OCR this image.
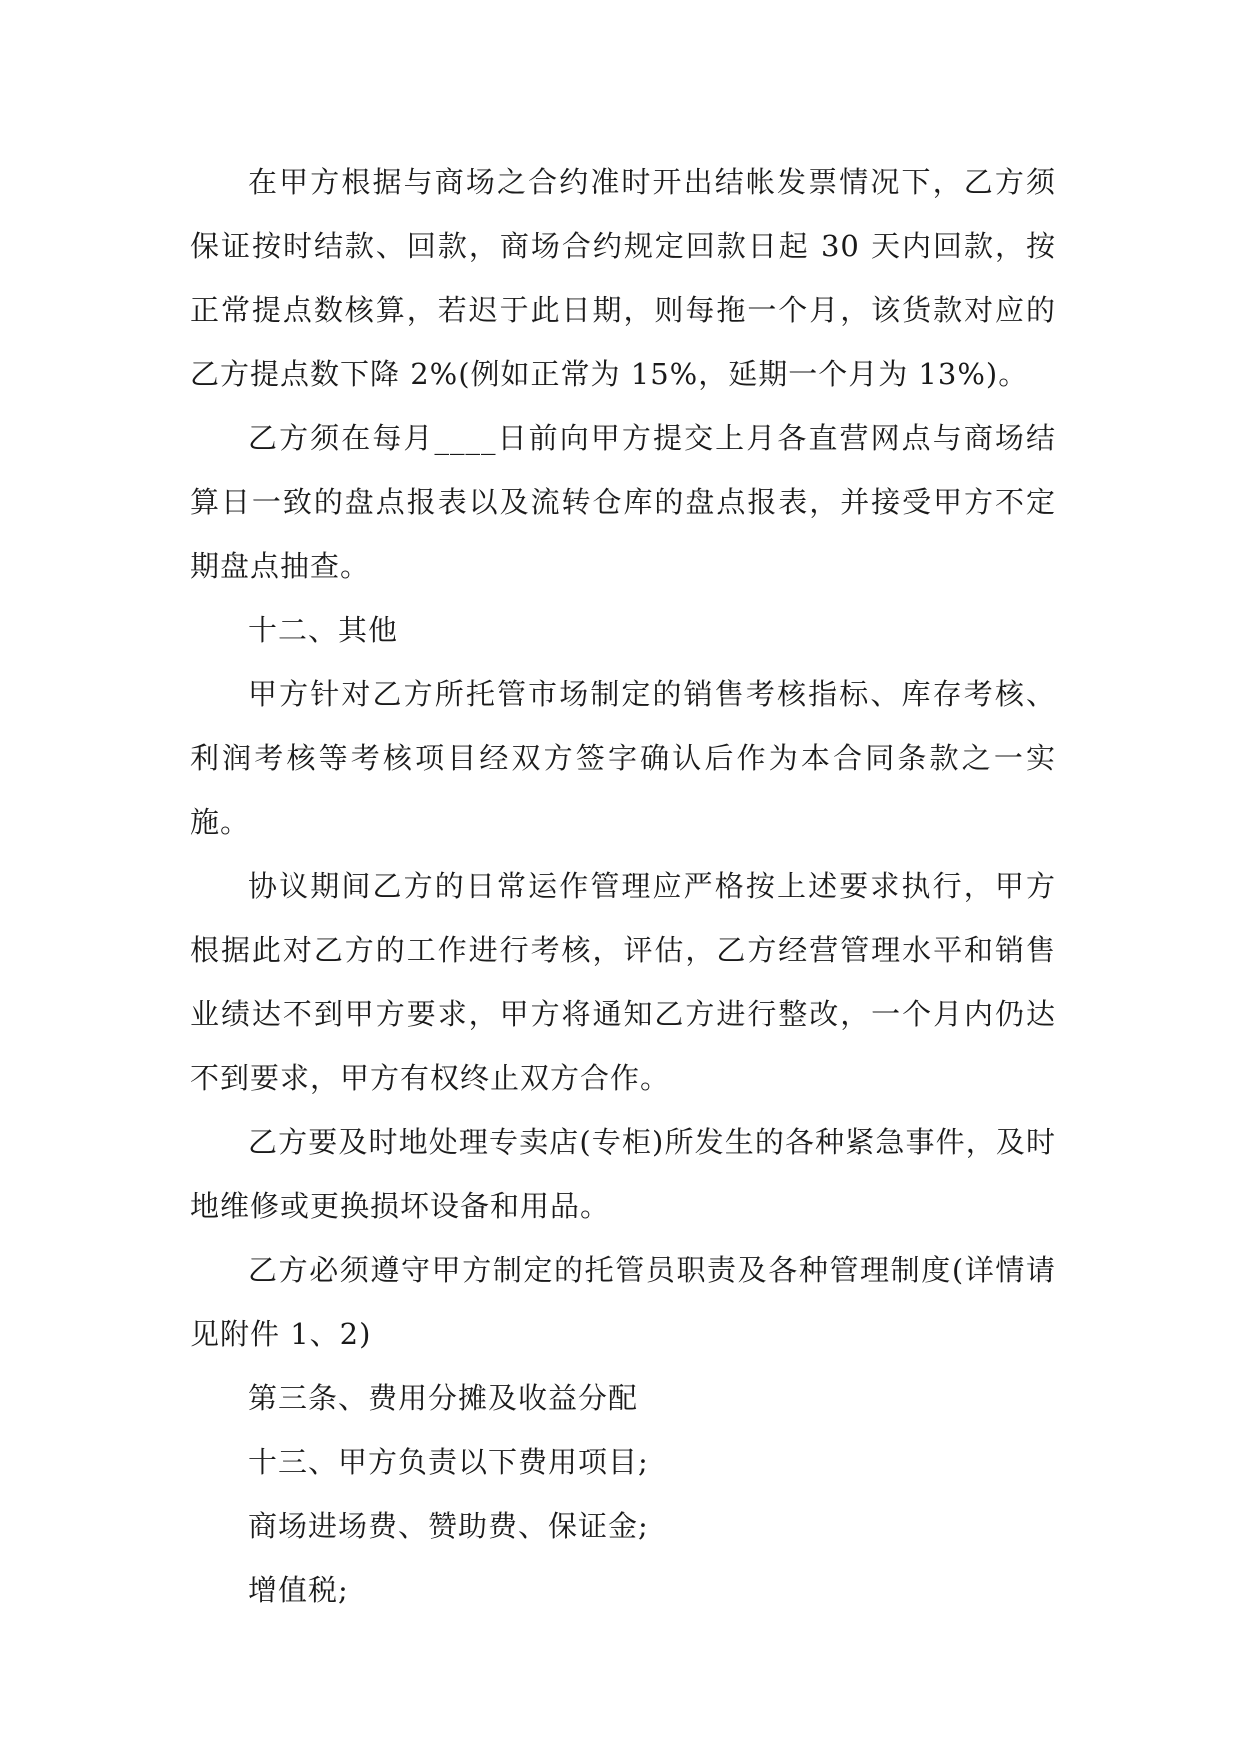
在甲方根据与商场之合约准时开出结帐发票情况下，乙方须保证按时结款、回款，商场合约规定回款日起 30 天内回款，按正常提点数核算，若迟于此日期，则每拖一个月，该货款对应的乙方提点数下降 2%(例如正常为 15%，延期一个月为 13%)。

乙方须在每月____日前向甲方提交上月各直营网点与商场结算日一致的盘点报表以及流转仓库的盘点报表，并接受甲方不定期盘点抽查。

十二、其他

甲方针对乙方所托管市场制定的销售考核指标、库存考核、利润考核等考核项目经双方签字确认后作为本合同条款之一实施。

协议期间乙方的日常运作管理应严格按上述要求执行，甲方根据此对乙方的工作进行考核，评估，乙方经营管理水平和销售业绩达不到甲方要求，甲方将通知乙方进行整改，一个月内仍达不到要求，甲方有权终止双方合作。

乙方要及时地处理专卖店(专柜)所发生的各种紧急事件，及时地维修或更换损坏设备和用品。

乙方必须遵守甲方制定的托管员职责及各种管理制度(详情请见附件 1、2)

第三条、费用分摊及收益分配

十三、甲方负责以下费用项目;

商场进场费、赞助费、保证金;

增值税;
